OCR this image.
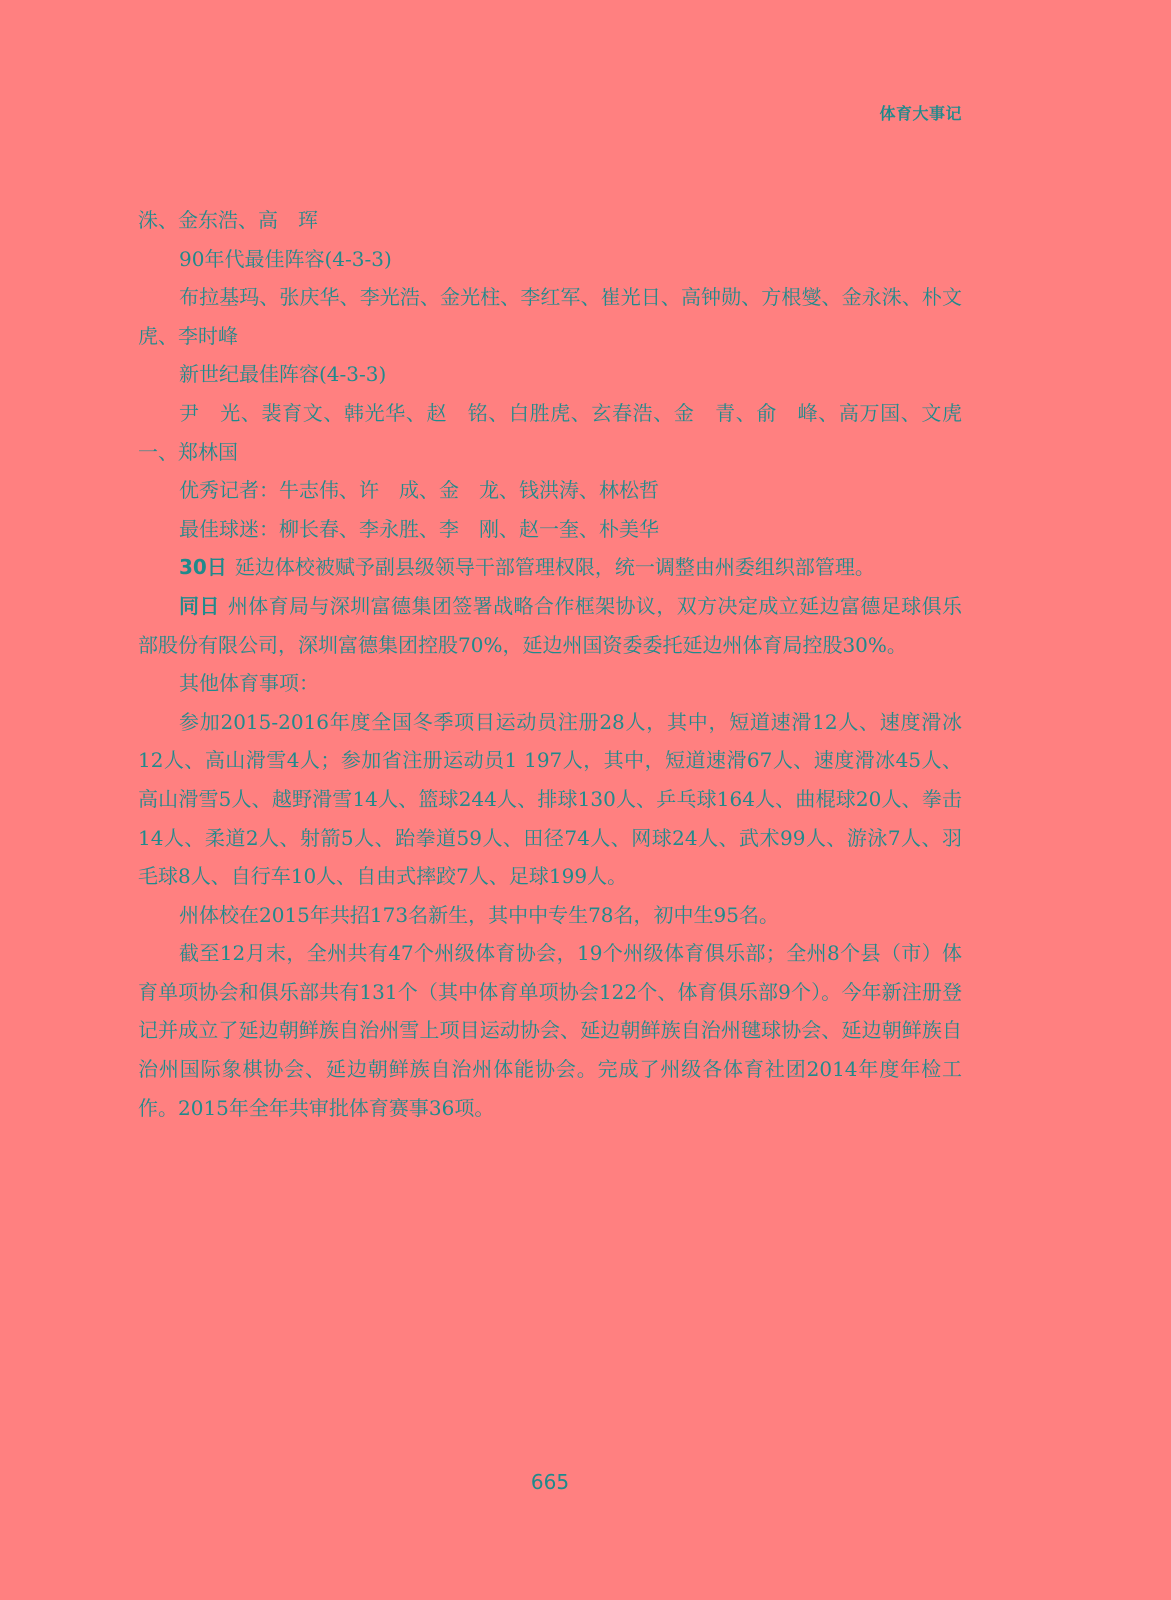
体育大事记

洙、金东浩、高　珲

90年代最佳阵容(4-3-3)

布拉基玛、张庆华、李光浩、金光柱、李红军、崔光日、高钟勋、方根燮、金永洙、朴文虎、李时峰

新世纪最佳阵容(4-3-3)

尹　光、裴育文、韩光华、赵　铭、白胜虎、玄春浩、金　青、俞　峰、高万国、文虎一、郑林国

优秀记者：牛志伟、许　成、金　龙、钱洪涛、林松哲

最佳球迷：柳长春、李永胜、李　刚、赵一奎、朴美华

30日 延边体校被赋予副县级领导干部管理权限，统一调整由州委组织部管理。

同日 州体育局与深圳富德集团签署战略合作框架协议，双方决定成立延边富德足球俱乐部股份有限公司，深圳富德集团控股70%，延边州国资委委托延边州体育局控股30%。

其他体育事项：

参加2015-2016年度全国冬季项目运动员注册28人，其中，短道速滑12人、速度滑冰12人、高山滑雪4人；参加省注册运动员1 197人，其中，短道速滑67人、速度滑冰45人、高山滑雪5人、越野滑雪14人、篮球244人、排球130人、乒乓球164人、曲棍球20人、拳击14人、柔道2人、射箭5人、跆拳道59人、田径74人、网球24人、武术99人、游泳7人、羽毛球8人、自行车10人、自由式摔跤7人、足球199人。

州体校在2015年共招173名新生，其中中专生78名，初中生95名。

截至12月末，全州共有47个州级体育协会，19个州级体育俱乐部；全州8个县（市）体育单项协会和俱乐部共有131个（其中体育单项协会122个、体育俱乐部9个）。今年新注册登记并成立了延边朝鲜族自治州雪上项目运动协会、延边朝鲜族自治州毽球协会、延边朝鲜族自治州国际象棋协会、延边朝鲜族自治州体能协会。完成了州级各体育社团2014年度年检工作。2015年全年共审批体育赛事36项。

665
